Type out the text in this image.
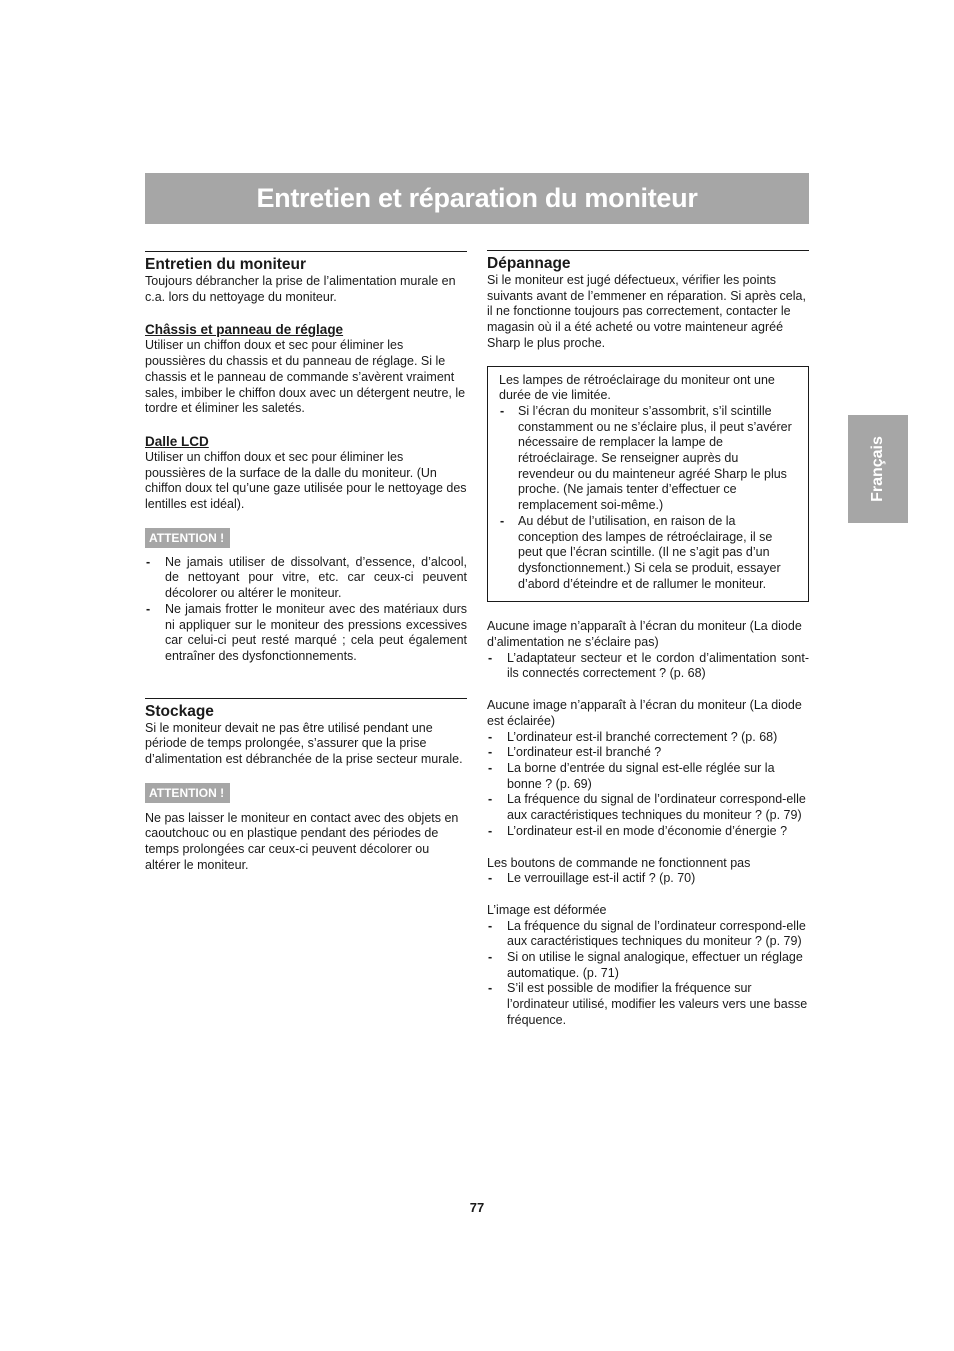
Entretien et réparation du moniteur
Français
Entretien du moniteur

Toujours débrancher la prise de l’alimentation murale en c.a. lors du nettoyage du moniteur.

Châssis et panneau de réglage

Utiliser un chiffon doux et sec pour éliminer les poussières du chassis et du panneau de réglage. Si le chassis et le panneau de commande s’avèrent vraiment sales, imbiber le chiffon doux avec un détergent neutre, le tordre et éliminer les saletés.

Dalle LCD

Utiliser un chiffon doux et sec pour éliminer les poussières de la surface de la dalle du moniteur. (Un chiffon doux tel qu’une gaze utilisée pour le nettoyage des lentilles est idéal).

ATTENTION !
- Ne jamais utiliser de dissolvant, d’essence, d’alcool, de nettoyant pour vitre, etc. car ceux-ci peuvent décolorer ou altérer le moniteur.
- Ne jamais frotter le moniteur avec des matériaux durs ni appliquer sur le moniteur des pressions excessives car celui-ci peut resté marqué ; cela peut également entraîner des dysfonctionnements.
Stockage

Si le moniteur devait ne pas être utilisé pendant une période de temps prolongée, s’assurer que la prise d’alimentation est débranchée de la prise secteur murale.

ATTENTION !

Ne pas laisser le moniteur en contact avec des objets en caoutchouc ou en plastique pendant des périodes de temps prolongées car ceux-ci peuvent décolorer ou altérer le moniteur.

Dépannage

Si le moniteur est jugé défectueux, vérifier les points suivants avant de l’emmener en réparation. Si après cela, il ne fonctionne toujours pas correctement, contacter le magasin où il a été acheté ou votre mainteneur agréé Sharp le plus proche.

Les lampes de rétroéclairage du moniteur ont une durée de vie limitée.

- Si l’écran du moniteur s’assombrit, s’il scintille constamment ou ne s’éclaire plus, il peut s’avérer nécessaire de remplacer la lampe de rétroéclairage. Se renseigner auprès du revendeur ou du mainteneur agréé Sharp le plus proche. (Ne jamais tenter d’effectuer ce remplacement soi-même.)
- Au début de l’utilisation, en raison de la conception des lampes de rétroéclairage, il se peut que l’écran scintille. (Il ne s’agit pas d’un dysfonctionnement.) Si cela se produit, essayer d’abord d’éteindre et de rallumer le moniteur.

Aucune image n’apparaît à l’écran du moniteur (La diode d’alimentation ne s’éclaire pas)

- L’adaptateur secteur et le cordon d’alimentation sont-ils connectés correctement ? (p. 68)

Aucune image n’apparaît à l’écran du moniteur (La diode est éclairée)

- L’ordinateur est-il branché correctement ? (p. 68)
- L’ordinateur est-il branché ?
- La borne d’entrée du signal est-elle réglée sur la bonne ? (p. 69)
- La fréquence du signal de l’ordinateur correspond-elle aux caractéristiques techniques du moniteur ? (p. 79)
- L’ordinateur est-il en mode d’économie d’énergie ?

Les boutons de commande ne fonctionnent pas

- Le verrouillage est-il actif ? (p. 70)

L’image est déformée

- La fréquence du signal de l’ordinateur correspond-elle aux caractéristiques techniques du moniteur ? (p. 79)
- Si on utilise le signal analogique, effectuer un réglage automatique. (p. 71)
- S’il est possible de modifier la fréquence sur l’ordinateur utilisé, modifier les valeurs vers une basse fréquence.
77
